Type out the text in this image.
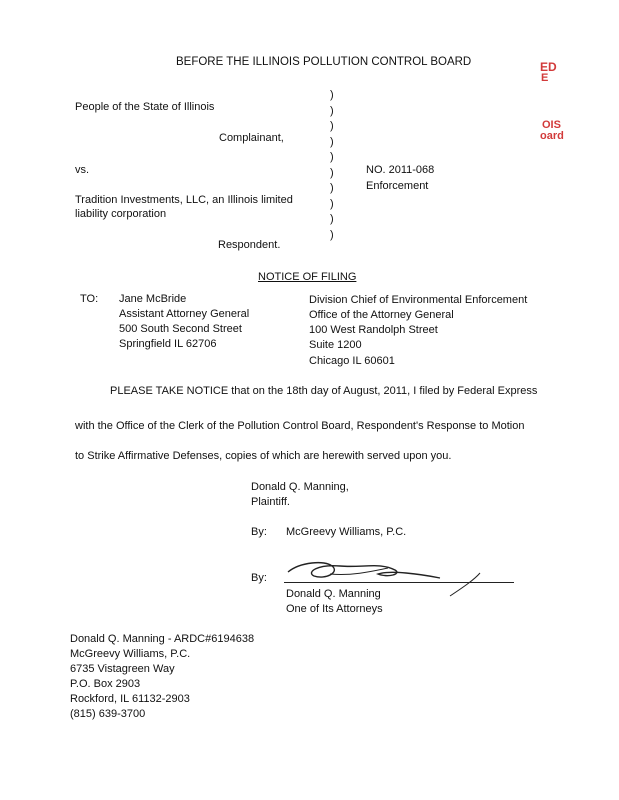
ED
E
OIS
oard
BEFORE THE ILLINOIS POLLUTION CONTROL BOARD
People of the State of Illinois
Complainant,
vs.
Tradition Investments, LLC, an Illinois limited
liability corporation
Respondent.
NO. 2011-068
Enforcement
)
)
)
)
)
)
)
)
)
)
NOTICE OF FILING
TO: Jane McBride
Assistant Attorney General
500 South Second Street
Springfield IL 62706
Division Chief of Environmental Enforcement
Office of the Attorney General
100 West Randolph Street
Suite 1200
Chicago IL 60601
PLEASE TAKE NOTICE that on the 18th day of August, 2011, I filed by Federal Express
with the Office of the Clerk of the Pollution Control Board, Respondent's Response to Motion
to Strike Affirmative Defenses, copies of which are herewith served upon you.
Donald Q. Manning,
Plaintiff.
By: McGreevy Williams, P.C.
By:
Donald Q. Manning
One of Its Attorneys
Donald Q. Manning - ARDC#6194638
McGreevy Williams, P.C.
6735 Vistagreen Way
P.O. Box 2903
Rockford, IL 61132-2903
(815) 639-3700
